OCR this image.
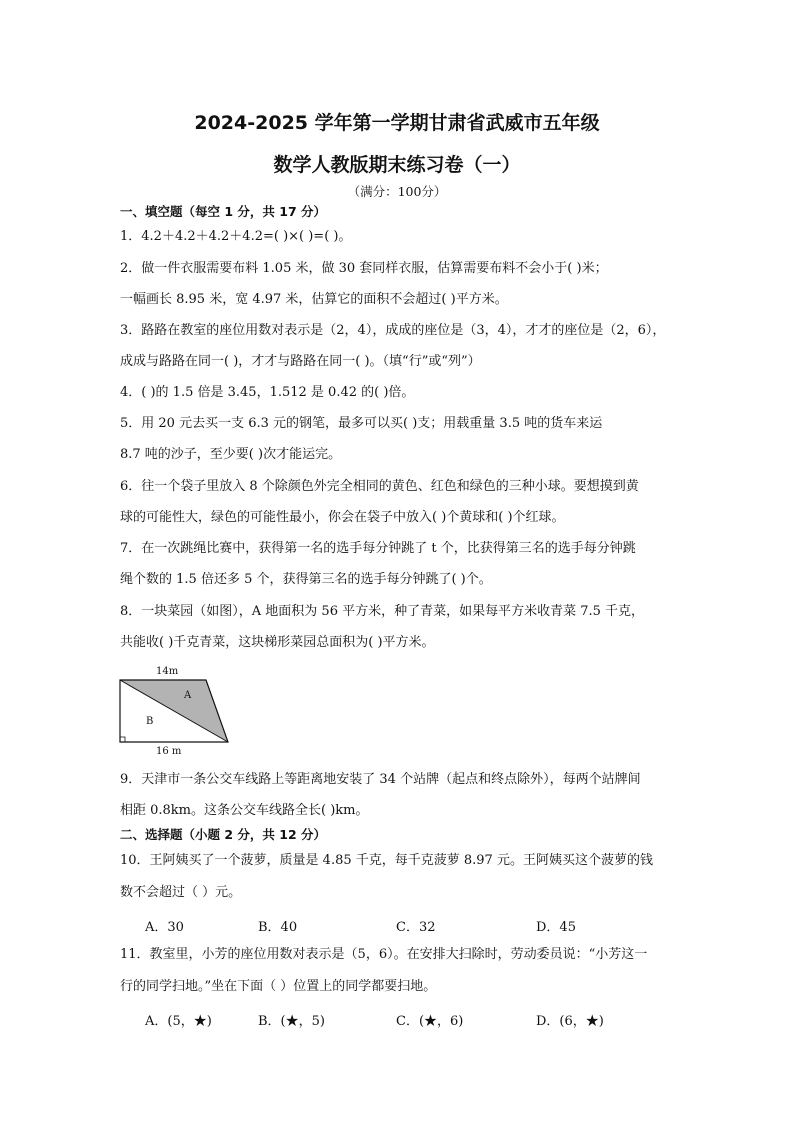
2024-2025 学年第一学期甘肃省武威市五年级
数学人教版期末练习卷（一）
（满分：100分）
一、填空题（每空 1 分，共 17 分）
1．4.2＋4.2＋4.2＋4.2=( )×( )=( )。
2．做一件衣服需要布料 1.05 米，做 30 套同样衣服，估算需要布料不会小于( )米；
一幅画长 8.95 米，宽 4.97 米，估算它的面积不会超过( )平方米。
3．路路在教室的座位用数对表示是（2，4），成成的座位是（3，4），才才的座位是（2，6），
成成与路路在同一( )，才才与路路在同一( )。（填“行”或“列”）
4．( )的 1.5 倍是 3.45，1.512 是 0.42 的( )倍。
5．用 20 元去买一支 6.3 元的钢笔，最多可以买( )支；用载重量 3.5 吨的货车来运
8.7 吨的沙子，至少要( )次才能运完。
6．往一个袋子里放入 8 个除颜色外完全相同的黄色、红色和绿色的三种小球。要想摸到黄
球的可能性大，绿色的可能性最小，你会在袋子中放入( )个黄球和( )个红球。
7．在一次跳绳比赛中，获得第一名的选手每分钟跳了 t 个，比获得第三名的选手每分钟跳
绳个数的 1.5 倍还多 5 个，获得第三名的选手每分钟跳了( )个。
8．一块菜园（如图），A 地面积为 56 平方米，种了青菜，如果每平方米收青菜 7.5 千克，
共能收( )千克青菜，这块梯形菜园总面积为( )平方米。
14m
A
B
16 m
9．天津市一条公交车线路上等距离地安装了 34 个站牌（起点和终点除外），每两个站牌间
相距 0.8km。这条公交车线路全长( )km。
二、选择题（小题 2 分，共 12 分）
10．王阿姨买了一个菠萝，质量是 4.85 千克，每千克菠萝 8.97 元。王阿姨买这个菠萝的钱
数不会超过（ ）元。
A．30	B．40	C．32	D．45
11．教室里，小芳的座位用数对表示是（5，6）。在安排大扫除时，劳动委员说：“小芳这一
行的同学扫地。”坐在下面（ ）位置上的同学都要扫地。
A．(5，★)	B．(★，5)	C．(★，6)	D．(6，★)
